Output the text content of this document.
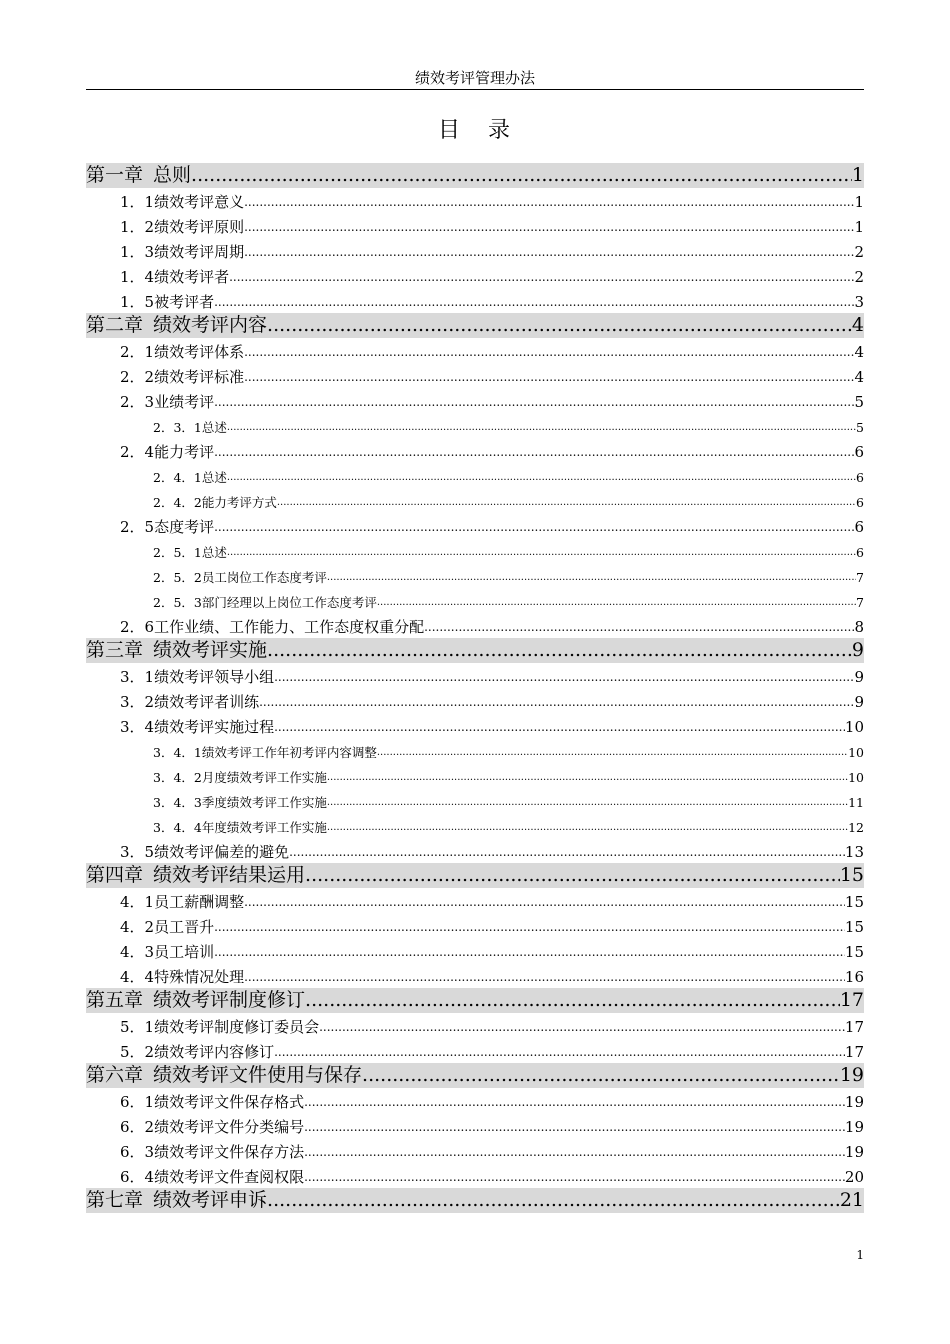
绩效考评管理办法
目 录
第一章 总则 .....	1
1．1绩效考评意义 .....	1
1．2绩效考评原则 .....	1
1．3绩效考评周期 .....	2
1．4绩效考评者 .....	2
1．5被考评者 .....	3
第二章 绩效考评内容 .....	4
2．1绩效考评体系 .....	4
2．2绩效考评标准 .....	4
2．3业绩考评 .....	5
2．3．1总述 .....	5
2．4能力考评 .....	6
2．4．1总述 .....	6
2．4．2能力考评方式 .....	6
2．5态度考评 .....	6
2．5．1总述 .....	6
2．5．2员工岗位工作态度考评 .....	7
2．5．3部门经理以上岗位工作态度考评 .....	7
2．6工作业绩、工作能力、工作态度权重分配 .....	8
第三章 绩效考评实施 .....	9
3．1绩效考评领导小组 .....	9
3．2绩效考评者训练 .....	9
3．4绩效考评实施过程 .....	10
3．4．1绩效考评工作年初考评内容调整 .....	10
3．4．2月度绩效考评工作实施 .....	10
3．4．3季度绩效考评工作实施 .....	11
3．4．4年度绩效考评工作实施 .....	12
3．5绩效考评偏差的避免 .....	13
第四章 绩效考评结果运用 .....	15
4．1员工薪酬调整 .....	15
4．2员工晋升 .....	15
4．3员工培训 .....	15
4．4特殊情况处理 .....	16
第五章 绩效考评制度修订 .....	17
5．1绩效考评制度修订委员会 .....	17
5．2绩效考评内容修订 .....	17
第六章 绩效考评文件使用与保存 .....	19
6．1绩效考评文件保存格式 .....	19
6．2绩效考评文件分类编号 .....	19
6．3绩效考评文件保存方法 .....	19
6．4绩效考评文件查阅权限 .....	20
第七章 绩效考评申诉 .....	21
1
